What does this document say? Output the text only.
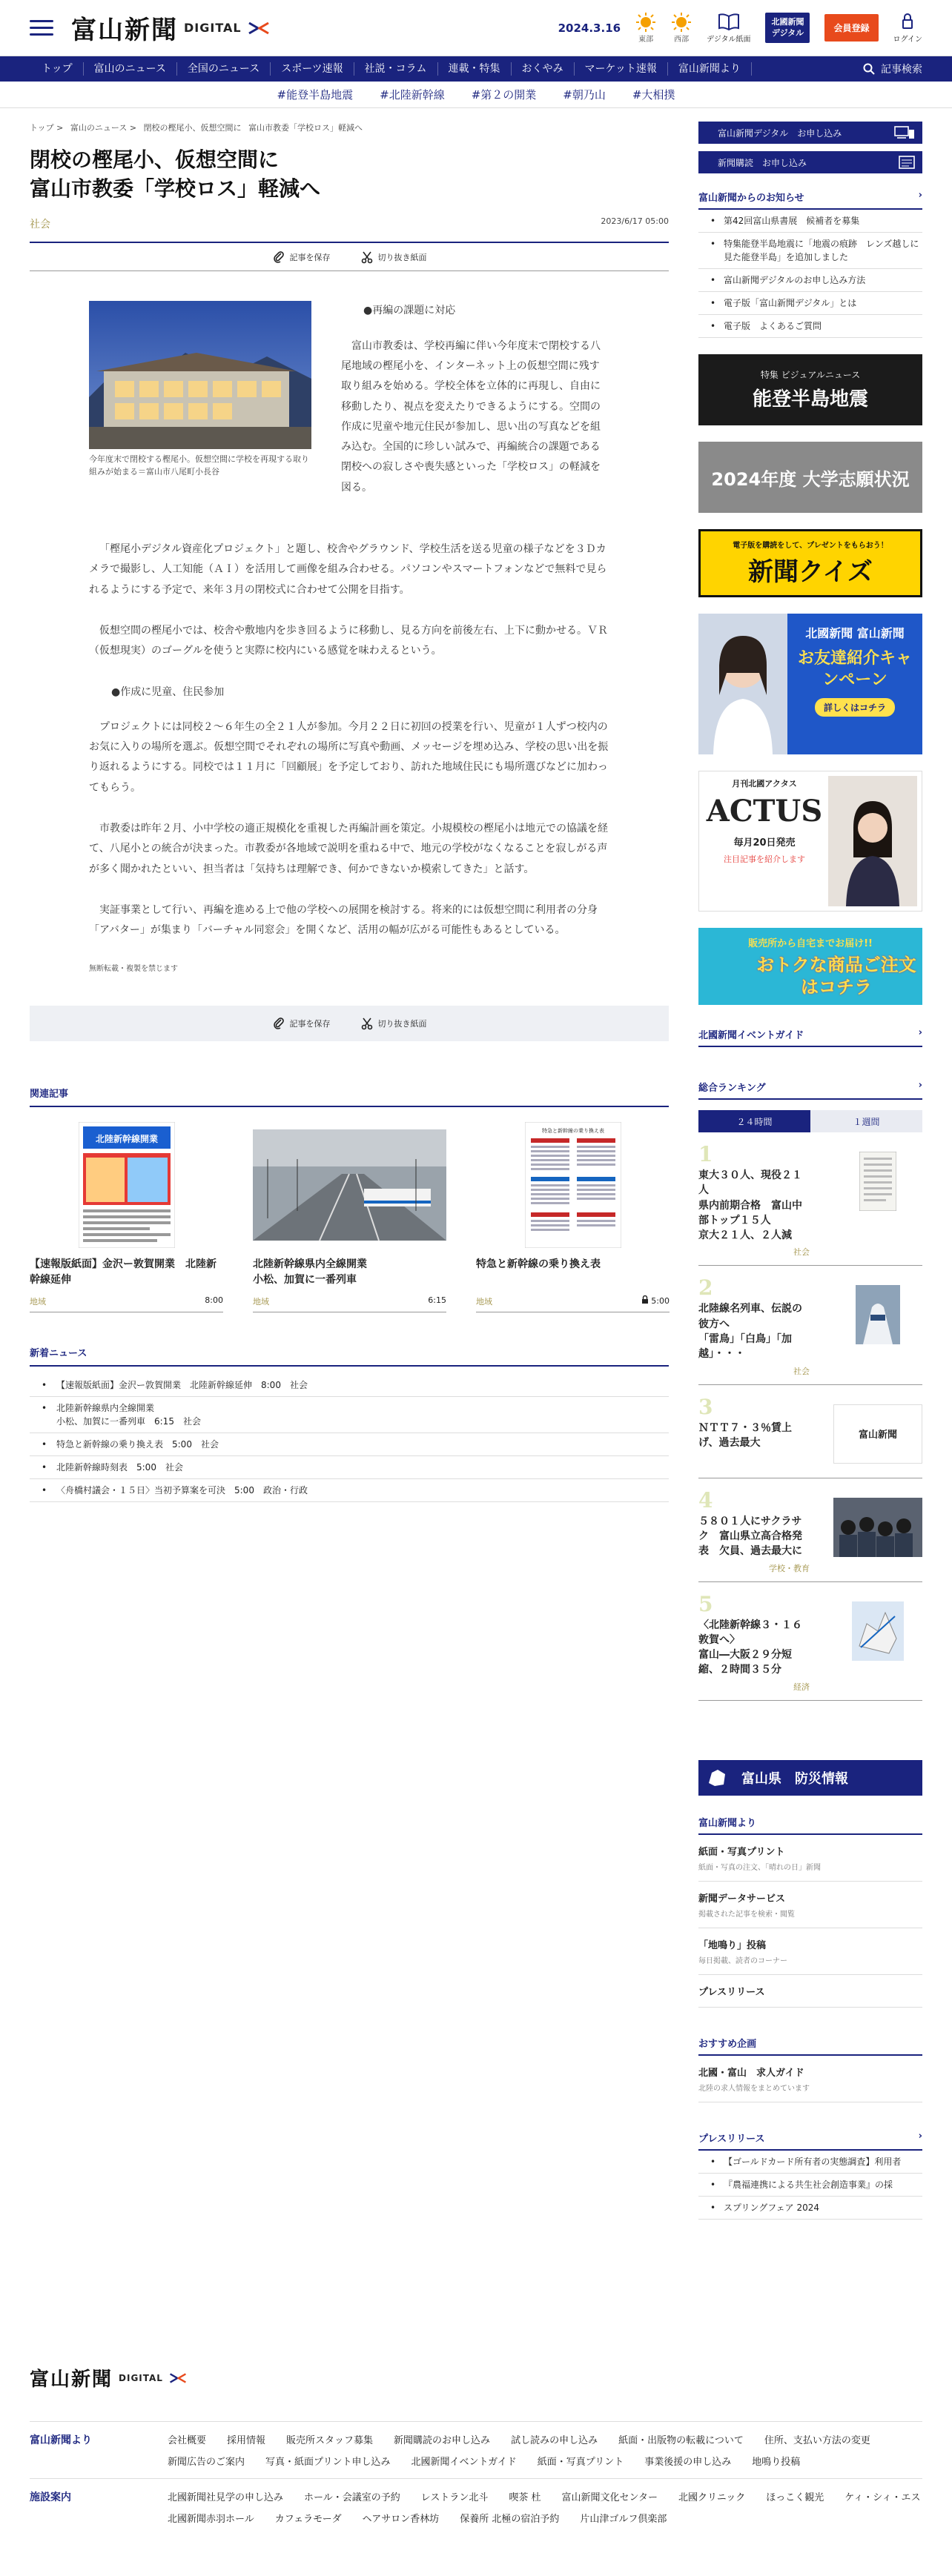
富山新聞 DIGITAL	2024.3.16
東部	西部 デジタル紙面
北國新聞
デジタル	会員登録
ログイン
トップ	富山のニュース	全国のニュース	スポーツ速報	社説・コラム	連載・特集	おくやみ	マーケット速報	富山新聞より	記事検索
#能登半島地震 #北陸新幹線 #第２の開業 #朝乃山 #大相撲
トップ > 富山のニュース > 閉校の樫尾小、仮想空間に 富山市教委「学校ロス」軽減へ
閉校の樫尾小、仮想空間に
富山市教委「学校ロス」軽減へ
社会	2023/6/17 05:00
記事を保存	切り抜き紙面
今年度末で閉校する樫尾小。仮想空間に学校を再現する取り組みが始まる＝富山市八尾町小長谷
●再編の課題に対応

富山市教委は、学校再編に伴い今年度末で閉校する八尾地域の樫尾小を、インターネット上の仮想空間に残す取り組みを始める。学校全体を立体的に再現し、自由に移動したり、視点を変えたりできるようにする。空間の作成に児童や地元住民が参加し、思い出の写真などを組み込む。全国的に珍しい試みで、再編統合の課題である閉校への寂しさや喪失感といった「学校ロス」の軽減を図る。

「樫尾小デジタル資産化プロジェクト」と題し、校舎やグラウンド、学校生活を送る児童の様子などを３Ｄカメラで撮影し、人工知能（ＡＩ）を活用して画像を組み合わせる。パソコンやスマートフォンなどで無料で見られるようにする予定で、来年３月の閉校式に合わせて公開を目指す。

仮想空間の樫尾小では、校舎や敷地内を歩き回るように移動し、見る方向を前後左右、上下に動かせる。ＶＲ（仮想現実）のゴーグルを使うと実際に校内にいる感覚を味わえるという。

●作成に児童、住民参加

プロジェクトには同校２～６年生の全２１人が参加。今月２２日に初回の授業を行い、児童が１人ずつ校内のお気に入りの場所を選ぶ。仮想空間でそれぞれの場所に写真や動画、メッセージを埋め込み、学校の思い出を振り返れるようにする。同校では１１月に「回顧展」を予定しており、訪れた地域住民にも場所選びなどに加わってもらう。

市教委は昨年２月、小中学校の適正規模化を重視した再編計画を策定。小規模校の樫尾小は地元での協議を経て、八尾小との統合が決まった。市教委が各地域で説明を重ねる中で、地元の学校がなくなることを寂しがる声が多く聞かれたといい、担当者は「気持ちは理解でき、何かできないか模索してきた」と話す。

実証事業として行い、再編を進める上で他の学校への展開を検討する。将来的には仮想空間に利用者の分身「アバター」が集まり「バーチャル同窓会」を開くなど、活用の幅が広がる可能性もあるとしている。

無断転載・複製を禁じます
記事を保存	切り抜き紙面
関連記事
北陸新幹線開業
【速報版紙面】金沢ー敦賀開業　北陸新幹線延伸
地域	8:00
北陸新幹線県内全線開業
小松、加賀に一番列車
地域	6:15
特急と新幹線の乗り換え表
特急と新幹線の乗り換え表
地域	5:00
新着ニュース
• 【速報版紙面】金沢ー敦賀開業　北陸新幹線延伸　8:00　社会
• 北陸新幹線県内全線開業
小松、加賀に一番列車　6:15　社会
• 特急と新幹線の乗り換え表　5:00　社会
• 北陸新幹線時刻表　5:00　社会
• 〈舟橋村議会・１５日〉当初予算案を可決　5:00　政治・行政
富山新聞デジタル　お申し込み
新聞購読　お申し込み
富山新聞からのお知らせ	›
• 第42回富山県書展　候補者を募集
• 特集能登半島地震に「地震の痕跡　レンズ越しに見た能登半島」を追加しました
• 富山新聞デジタルのお申し込み方法
• 電子版「富山新聞デジタル」とは
• 電子版　よくあるご質問
特集 ビジュアルニュース
能登半島地震
2024年度 大学志願状況
電子版を購読をして、プレゼントをもらおう！
新聞クイズ
北國新聞 富山新聞
お友達紹介キャンペーン
詳しくはコチラ
月刊北國アクタス
ACTUS
毎月20日発売
注目記事を紹介します
販売所から自宅までお届け!!
おトクな商品ご注文はコチラ
北國新聞イベントガイド	›
総合ランキング	›
２４時間	１週間
1
東大３０人、現役２１人
県内前期合格　富山中部トップ１５人
京大２１人、２人減
社会
2
北陸線名列車、伝説の彼方へ
「雷鳥」「白鳥」「加越」・・・
社会
3
ＮＴＴ７・３％賃上げ、過去最大
富山新聞
4
５８０１人にサクラサク　富山県立高合格発表　欠員、過去最大に
学校・教育
5
〈北陸新幹線３・１６敦賀へ〉
富山―大阪２９分短縮、２時間３５分
経済
富山県 防災情報
富山新聞より
紙面・写真プリント
紙面・写真の注文、「晴れの日」新聞
新聞データサービス
掲載された記事を検索・閲覧
「地鳴り」投稿
毎日掲載、読者のコーナー
プレスリリース
おすすめ企画
北國・富山　求人ガイド
北陸の求人情報をまとめています
プレスリリース	›
• 【ゴールドカード所有者の実態調査】利用者
• 『農福連携による共生社会創造事業』の採
• スプリングフェア 2024
富山新聞 DIGITAL
富山新聞より	会社概要 採用情報 販売所スタッフ募集 新聞購読のお申し込み 試し読みの申し込み 紙面・出版物の転載について 住所、支払い方法の変更
新聞広告のご案内 写真・紙面プリント申し込み 北國新聞イベントガイド 紙面・写真プリント 事業後援の申し込み 地鳴り投稿
施設案内	北國新聞社見学の申し込み ホール・会議室の予約 レストラン北斗 喫茶 杜 富山新聞文化センター 北國クリニック ほっこく観光 ケィ・シィ・エス
北國新聞赤羽ホール カフェラモーダ ヘアサロン香林坊 保養所 北極の宿泊予約 片山津ゴルフ倶楽部
